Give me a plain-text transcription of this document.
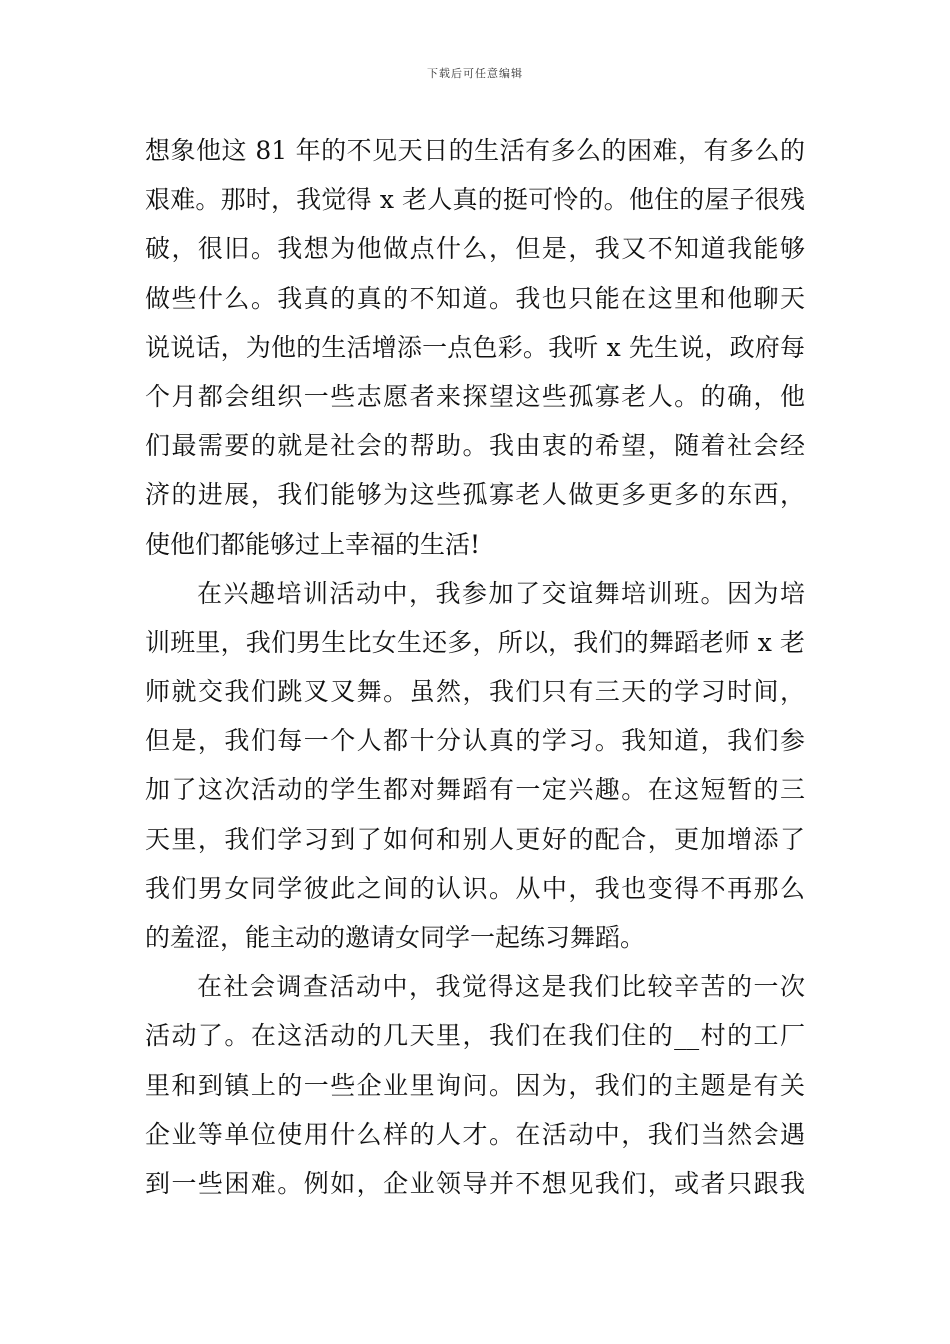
下载后可任意编辑
想象他这 81 年的不见天日的生活有多么的困难，有多么的
艰难。那时，我觉得 x 老人真的挺可怜的。他住的屋子很残
破，很旧。我想为他做点什么，但是，我又不知道我能够
做些什么。我真的真的不知道。我也只能在这里和他聊天
说说话，为他的生活增添一点色彩。我听 x 先生说，政府每
个月都会组织一些志愿者来探望这些孤寡老人。的确，他
们最需要的就是社会的帮助。我由衷的希望，随着社会经
济的进展，我们能够为这些孤寡老人做更多更多的东西，
使他们都能够过上幸福的生活!
在兴趣培训活动中，我参加了交谊舞培训班。因为培
训班里，我们男生比女生还多，所以，我们的舞蹈老师 x 老
师就交我们跳叉叉舞。虽然，我们只有三天的学习时间，
但是，我们每一个人都十分认真的学习。我知道，我们参
加了这次活动的学生都对舞蹈有一定兴趣。在这短暂的三
天里，我们学习到了如何和别人更好的配合，更加增添了
我们男女同学彼此之间的认识。从中，我也变得不再那么
的羞涩，能主动的邀请女同学一起练习舞蹈。
在社会调查活动中，我觉得这是我们比较辛苦的一次
活动了。在这活动的几天里，我们在我们住的__村的工厂
里和到镇上的一些企业里询问。因为，我们的主题是有关
企业等单位使用什么样的人才。在活动中，我们当然会遇
到一些困难。例如，企业领导并不想见我们，或者只跟我
